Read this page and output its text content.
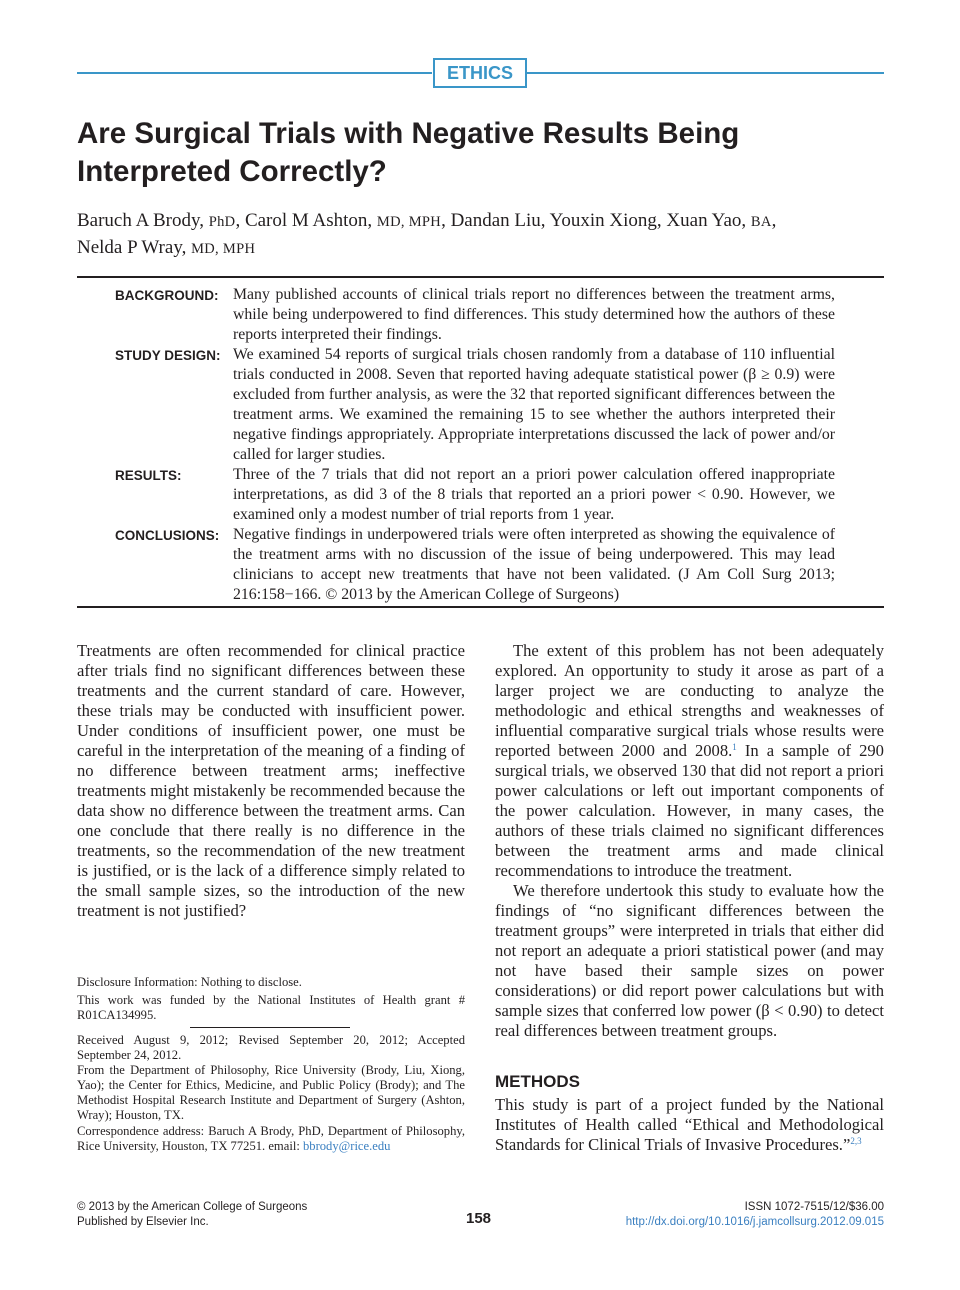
ETHICS
Are Surgical Trials with Negative Results Being
Interpreted Correctly?
Baruch A Brody, PhD, Carol M Ashton, MD, MPH, Dandan Liu, Youxin Xiong, Xuan Yao, BA,
Nelda P Wray, MD, MPH
BACKGROUND: Many published accounts of clinical trials report no differences between the treatment arms, while being underpowered to find differences. This study determined how the authors of these reports interpreted their findings.
STUDY DESIGN: We examined 54 reports of surgical trials chosen randomly from a database of 110 influential trials conducted in 2008. Seven that reported having adequate statistical power (β ≥ 0.9) were excluded from further analysis, as were the 32 that reported significant differences between the treatment arms. We examined the remaining 15 to see whether the authors interpreted their negative findings appropriately. Appropriate interpretations discussed the lack of power and/or called for larger studies.
RESULTS:	Three of the 7 trials that did not report an a priori power calculation offered inappropriate interpretations, as did 3 of the 8 trials that reported an a priori power < 0.90. However, we examined only a modest number of trial reports from 1 year.
CONCLUSIONS: Negative findings in underpowered trials were often interpreted as showing the equivalence of the treatment arms with no discussion of the issue of being underpowered. This may lead clinicians to accept new treatments that have not been validated. (J Am Coll Surg 2013; 216:158−166. © 2013 by the American College of Surgeons)

Treatments are often recommended for clinical practice after trials find no significant differences between these treatments and the current standard of care. However, these trials may be conducted with insufficient power. Under conditions of insufficient power, one must be careful in the interpretation of the meaning of a finding of no difference between treatment arms; ineffective treatments might mistakenly be recommended because the data show no difference between the treatment arms. Can one conclude that there really is no difference in the treatments, so the recommendation of the new treatment is justified, or is the lack of a difference simply related to the small sample sizes, so the introduction of the new treatment is not justified?

The extent of this problem has not been adequately explored. An opportunity to study it arose as part of a larger project we are conducting to analyze the methodologic and ethical strengths and weaknesses of influential comparative surgical trials whose results were reported between 2000 and 2008.$^1$ In a sample of 290 surgical trials, we observed 130 that did not report a priori power calculations or left out important components of the power calculation. However, in many cases, the authors of these trials claimed no significant differences between the treatment arms and made clinical recommendations to introduce the treatment.

We therefore undertook this study to evaluate how the findings of “no significant differences between the treatment groups” were interpreted in trials that either did not report an adequate a priori statistical power (and may not have based their sample sizes on power considerations) or did report power calculations but with sample sizes that conferred low power (β < 0.90) to detect real differences between treatment groups.

METHODS
This study is part of a project funded by the National Institutes of Health called “Ethical and Methodological Standards for Clinical Trials of Invasive Procedures.”$^{2,3}$
Disclosure Information: Nothing to disclose.
This work was funded by the National Institutes of Health grant # R01CA134995.
Received August 9, 2012; Revised September 20, 2012; Accepted September 24, 2012.
From the Department of Philosophy, Rice University (Brody, Liu, Xiong, Yao); the Center for Ethics, Medicine, and Public Policy (Brody); and The Methodist Hospital Research Institute and Department of Surgery (Ashton, Wray); Houston, TX.
Correspondence address: Baruch A Brody, PhD, Department of Philosophy, Rice University, Houston, TX 77251. email: bbrody@rice.edu
© 2013 by the American College of Surgeons
Published by Elsevier Inc.	158
ISSN 1072-7515/12/$36.00
http://dx.doi.org/10.1016/j.jamcollsurg.2012.09.015
